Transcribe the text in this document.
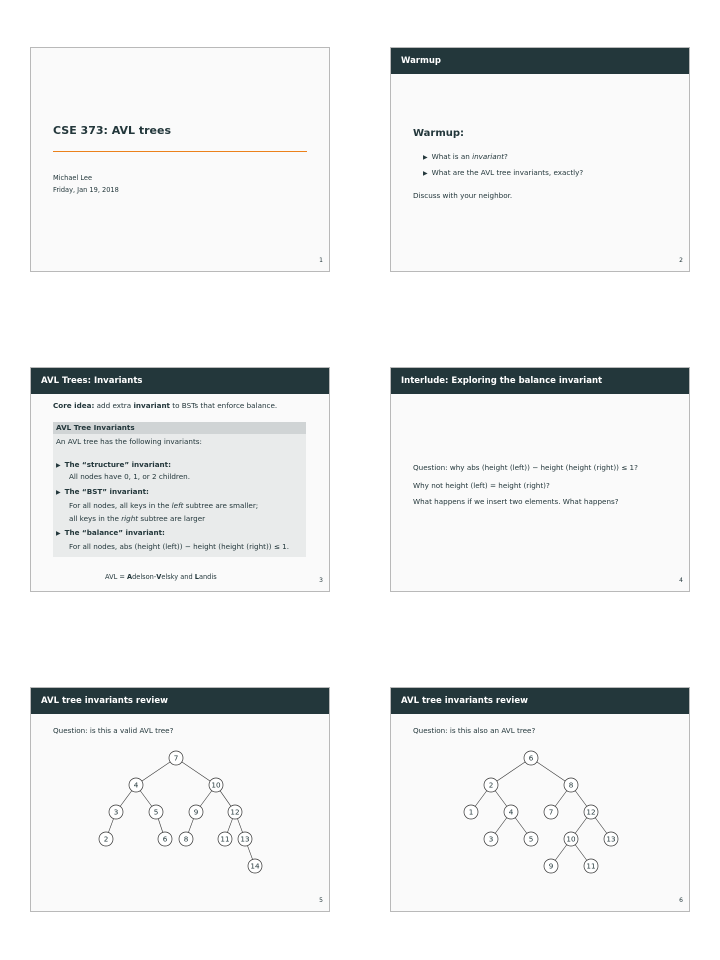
CSE 373: AVL trees
Michael Lee
Friday, Jan 19, 2018
1
Warmup
Warmup:
▶ What is an invariant?
▶ What are the AVL tree invariants, exactly?
Discuss with your neighbor.
2
AVL Trees: Invariants
Core idea: add extra invariant to BSTs that enforce balance.
AVL Tree Invariants
An AVL tree has the following invariants:
▶ The “structure” invariant:
All nodes have 0, 1, or 2 children.
▶ The “BST” invariant:
For all nodes, all keys in the left subtree are smaller;
all keys in the right subtree are larger
▶ The “balance” invariant:
For all nodes, abs (height (left)) − height (height (right)) ≤ 1.
AVL = Adelson-Velsky and Landis	3
Interlude: Exploring the balance invariant
Question: why abs (height (left)) − height (height (right)) ≤ 1?
Why not height (left) = height (right)?
What happens if we insert two elements. What happens?
4
AVL tree invariants review
Question: is this a valid AVL tree?
7
4	10
3	5	9	12
2	6 8	11 13
14
5
AVL tree invariants review
Question: is this also an AVL tree?
6
2	8
1	4	7	12
3	5	10	13
9	11
6
